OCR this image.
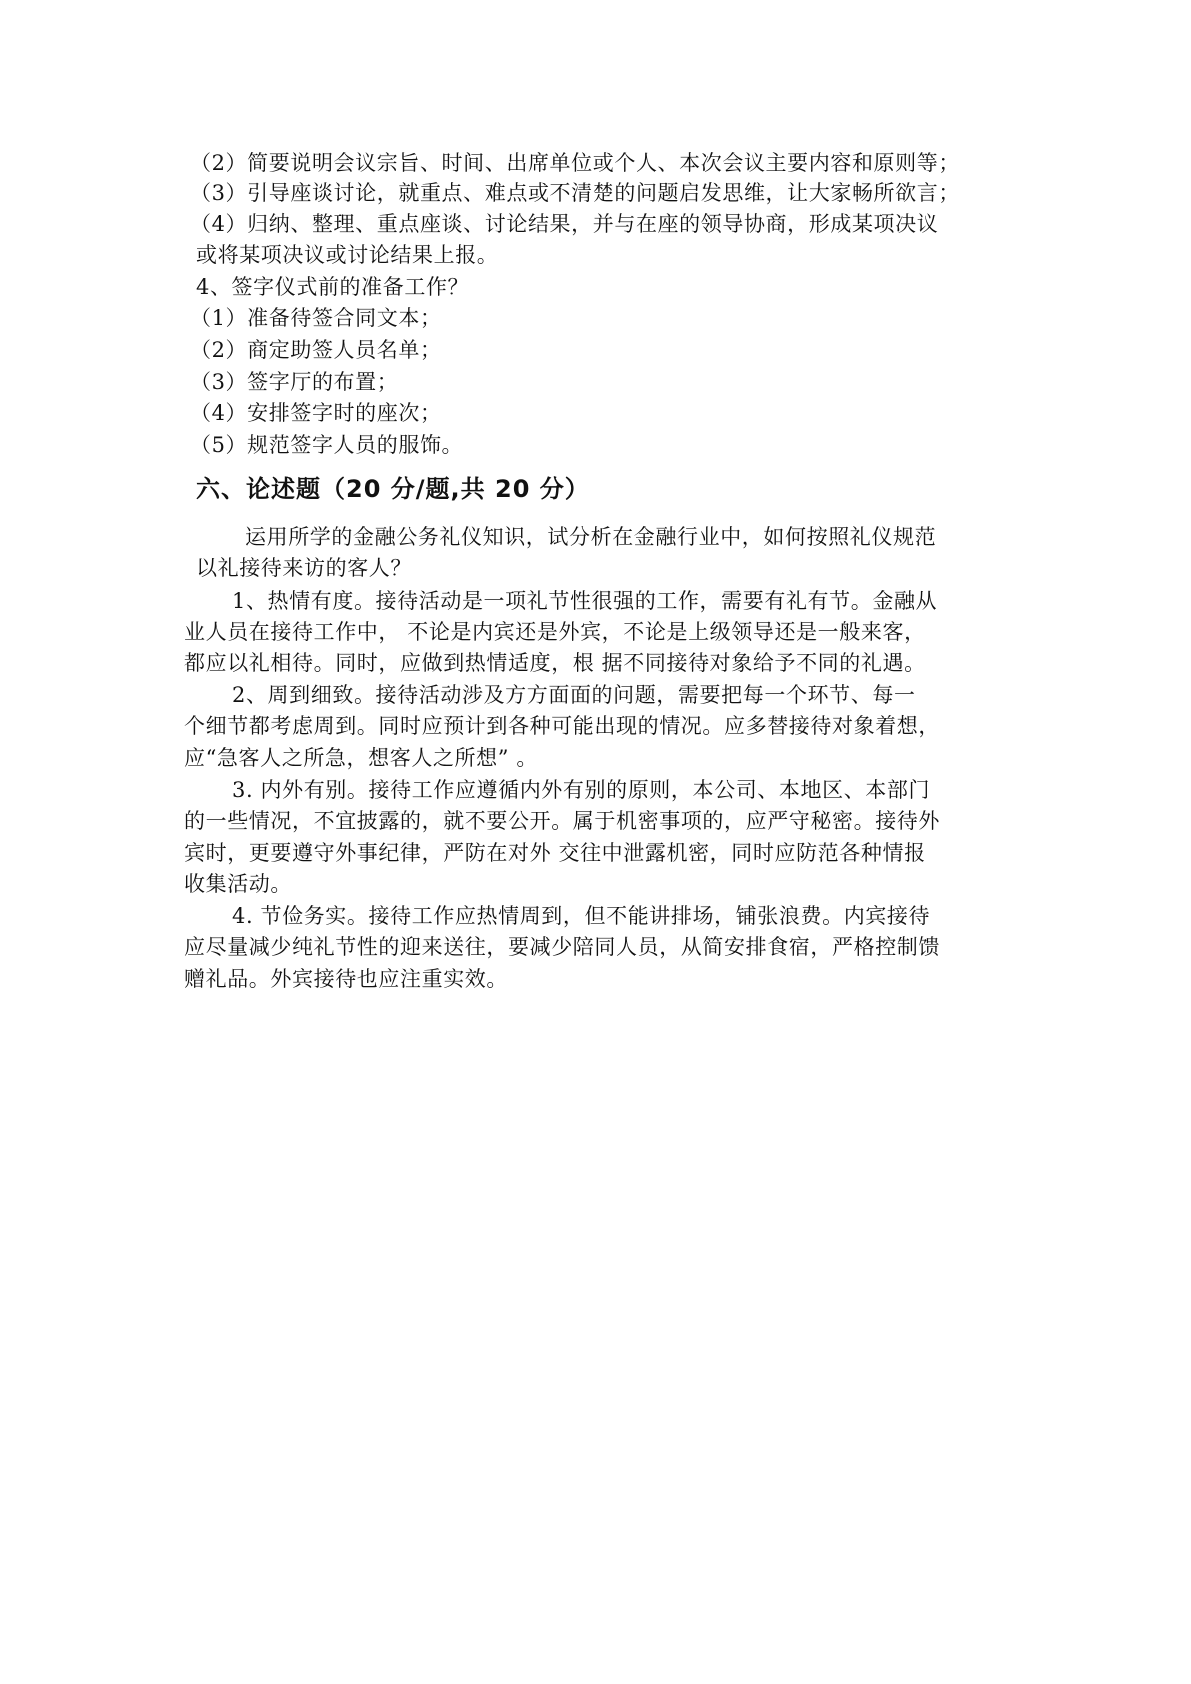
（2）简要说明会议宗旨、时间、出席单位或个人、本次会议主要内容和原则等；
（3）引导座谈讨论，就重点、难点或不清楚的问题启发思维，让大家畅所欲言；
（4）归纳、整理、重点座谈、讨论结果，并与在座的领导协商，形成某项决议
或将某项决议或讨论结果上报。
4、签字仪式前的准备工作？
（1）准备待签合同文本；
（2）商定助签人员名单；
（3）签字厅的布置；
（4）安排签字时的座次；
（5）规范签字人员的服饰。
六、论述题（20 分/题,共 20 分）
运用所学的金融公务礼仪知识，试分析在金融行业中，如何按照礼仪规范
以礼接待来访的客人？
1、热情有度。接待活动是一项礼节性很强的工作，需要有礼有节。金融从
业人员在接待工作中， 不论是内宾还是外宾，不论是上级领导还是一般来客，
都应以礼相待。同时，应做到热情适度，根 据不同接待对象给予不同的礼遇。
2、周到细致。接待活动涉及方方面面的问题，需要把每一个环节、每一
个细节都考虑周到。同时应预计到各种可能出现的情况。应多替接待对象着想，
应“急客人之所急，想客人之所想” 。
3. 内外有别。接待工作应遵循内外有别的原则，本公司、本地区、本部门
的一些情况，不宜披露的，就不要公开。属于机密事项的，应严守秘密。接待外
宾时，更要遵守外事纪律，严防在对外 交往中泄露机密，同时应防范各种情报
收集活动。
4. 节俭务实。接待工作应热情周到，但不能讲排场，铺张浪费。内宾接待
应尽量减少纯礼节性的迎来送往，要减少陪同人员，从简安排食宿，严格控制馈
赠礼品。外宾接待也应注重实效。
